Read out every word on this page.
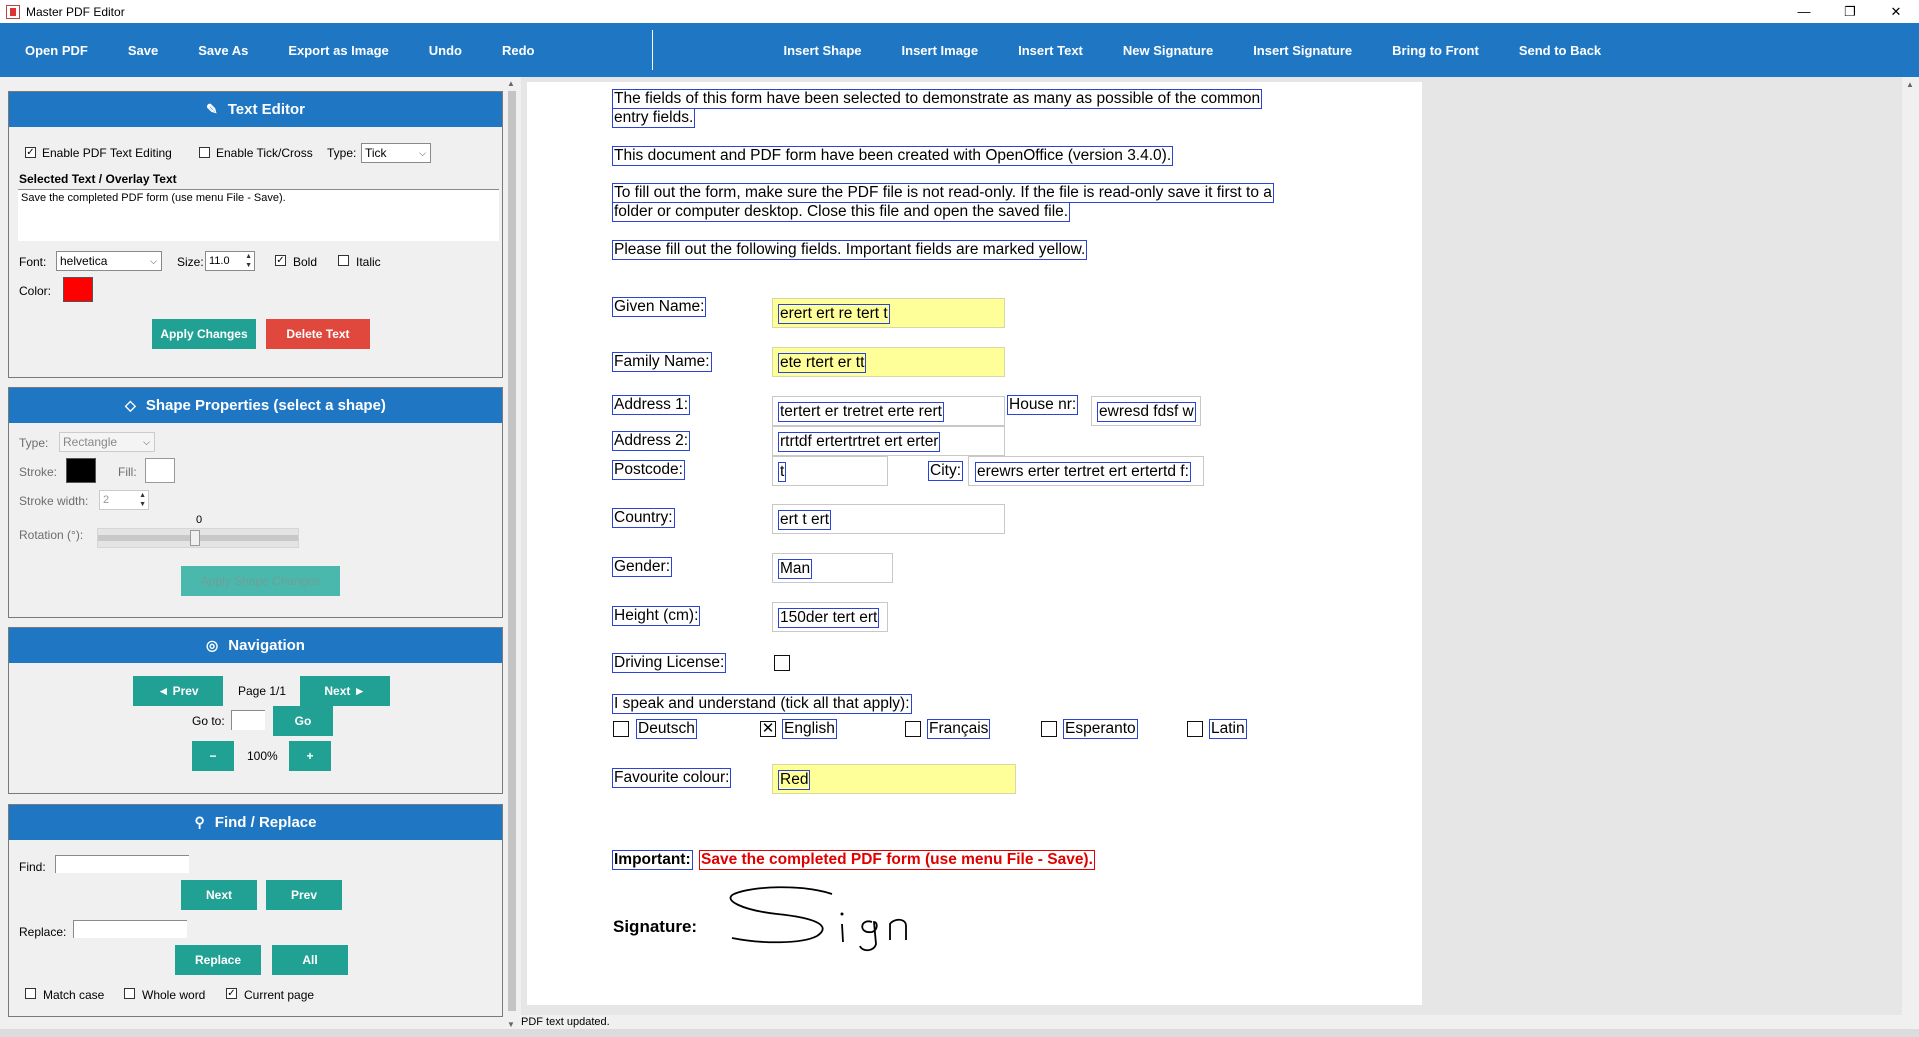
Master PDF Editor	—	❐	✕
Open PDF	Save	Save As	Export as Image	Undo	Redo	Insert Shape	Insert Image	Insert Text	New Signature	Insert Signature	Bring to Front	Send to Back
✎ Text Editor
✓ Enable PDF Text Editing	Enable Tick/Cross Type: Tick	⌵
Selected Text / Overlay Text
Save the completed PDF form (use menu File - Save).
Font:	helvetica	⌵ Size: 11.0 ▲
▼ ✓ Bold	Italic
Color:
Apply Changes	Delete Text
◇ Shape Properties (select a shape)
Type:	Rectangle	⌵
Stroke:	Fill:
Stroke width:	2	▲
▼
Rotation (°):
0
Apply Shape Changes
◎ Navigation
◄ Prev	Page 1/1	Next ►
Go to:	Go
−	100%	+
⚲ Find / Replace
Find:
Next	Prev
Replace:
Replace	All
Match case	Whole word ✓ Current page
▲
▼
The fields of this form have been selected to demonstrate as many as possible of the common
entry fields.
This document and PDF form have been created with OpenOffice (version 3.4.0).
To fill out the form, make sure the PDF file is not read-only. If the file is read-only save it first to a
folder or computer desktop. Close this file and open the saved file.
Please fill out the following fields. Important fields are marked yellow.
Given Name:	erert ert re tert t
Family Name:	ete rtert er tt
Address 1:	tertert er tretret erte rert	House nr: ewresd fdsf w
Address 2:	rtrtdf ertertrtret ert erter
Postcode:	t	City: erewrs erter tertret ert ertertd f:
Country:	ert t ert
Gender:	Man
Height (cm):	150der tert ert
Driving License:
I speak and understand (tick all that apply):
Deutsch	✕ English	Français	Esperanto	Latin
Favourite colour:	Red
Important: Save the completed PDF form (use menu File - Save).
Signature:
▲
PDF text updated.
